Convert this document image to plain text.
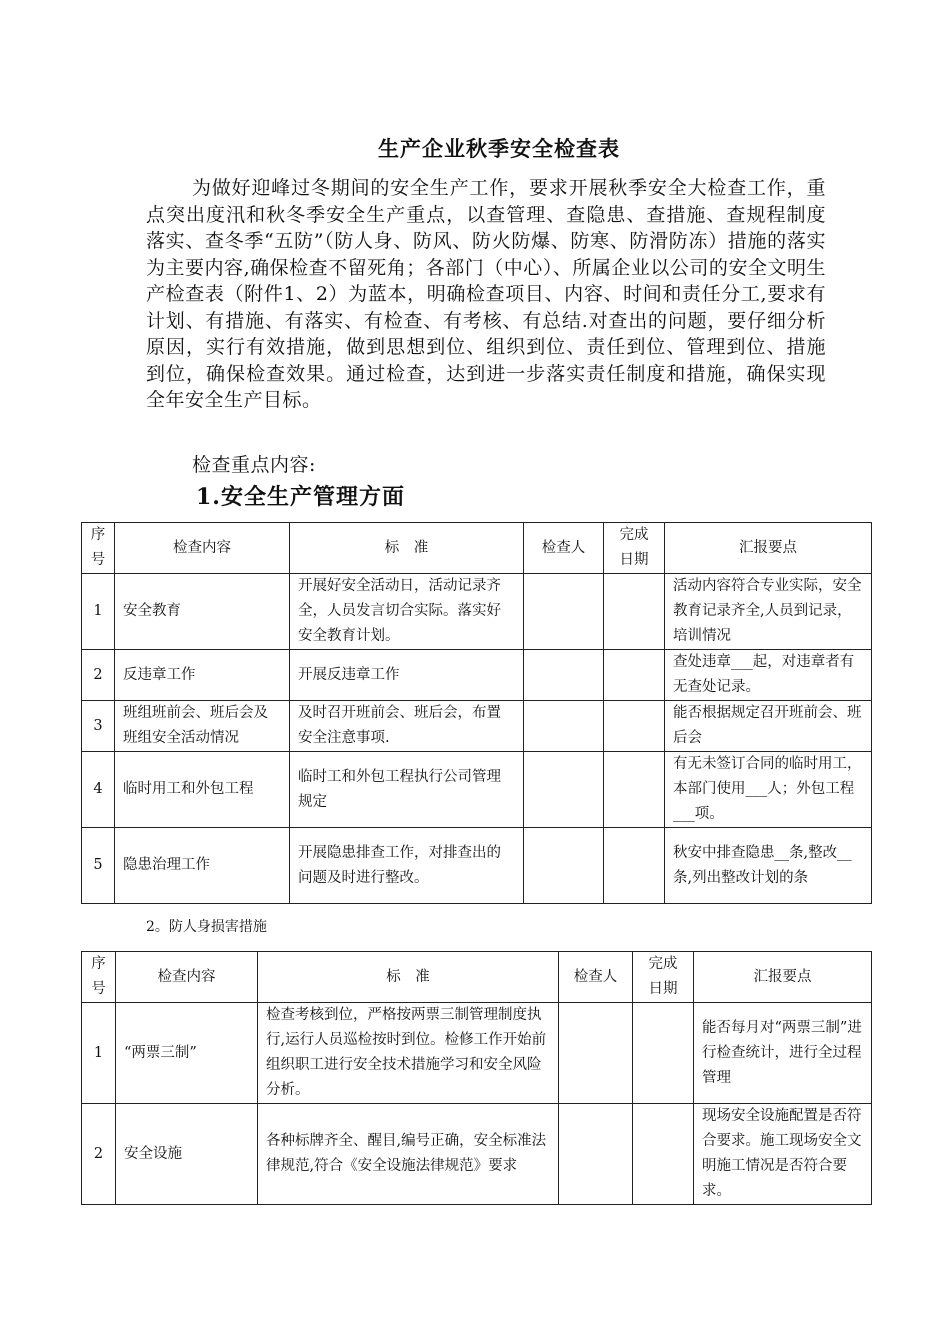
生产企业秋季安全检查表

为做好迎峰过冬期间的安全生产工作，要求开展秋季安全大检查工作，重点突出度汛和秋冬季安全生产重点，以查管理、查隐患、查措施、查规程制度落实、查冬季“五防”（防人身、防风、防火防爆、防寒、防滑防冻）措施的落实为主要内容,确保检查不留死角；各部门（中心）、所属企业以公司的安全文明生产检查表（附件1、2）为蓝本，明确检查项目、内容、时间和责任分工,要求有计划、有措施、有落实、有检查、有考核、有总结.对查出的问题，要仔细分析原因，实行有效措施，做到思想到位、组织到位、责任到位、管理到位、措施到位，确保检查效果。通过检查，达到进一步落实责任制度和措施，确保实现全年安全生产目标。

检查重点内容:
1.安全生产管理方面
序号	检查内容	标　准	检查人	完成日期	汇报要点
1	安全教育	开展好安全活动日，活动记录齐全，人员发言切合实际。落实好安全教育计划。			活动内容符合专业实际，安全教育记录齐全,人员到记录，培训情况
2	反违章工作	开展反违章工作			查处违章___起，对违章者有无查处记录。
3	班组班前会、班后会及班组安全活动情况	及时召开班前会、班后会，布置安全注意事项.			能否根据规定召开班前会、班后会
4	临时用工和外包工程	临时工和外包工程执行公司管理规定			有无未签订合同的临时用工，本部门使用___人；外包工程 ___项。
5	隐患治理工作	开展隐患排查工作，对排查出的问题及时进行整改。			秋安中排查隐患__条,整改__条,列出整改计划的条
2。防人身损害措施
序号	检查内容	标　准	检查人	完成日期	汇报要点
1	“两票三制”	检查考核到位，严格按两票三制管理制度执行,运行人员巡检按时到位。检修工作开始前组织职工进行安全技术措施学习和安全风险分析。			能否每月对“两票三制”进行检查统计，进行全过程管理
2	安全设施	各种标牌齐全、醒目,编号正确，安全标准法律规范,符合《安全设施法律规范》要求			现场安全设施配置是否符合要求。施工现场安全文明施工情况是否符合要求。
